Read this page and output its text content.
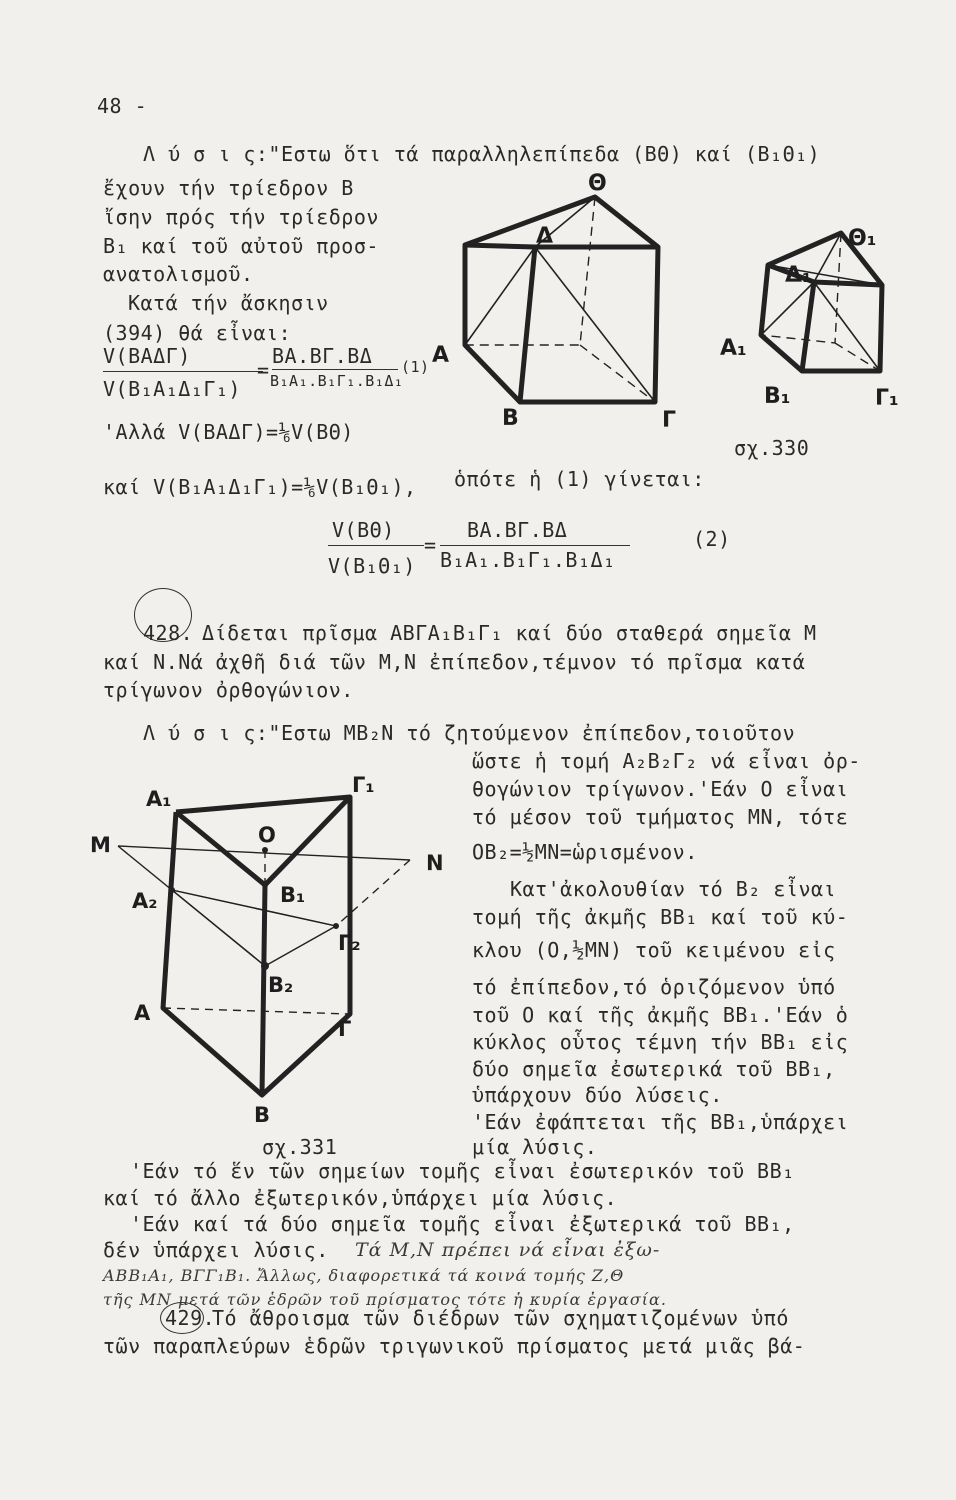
48 -
Λ ύ σ ι ς:"Εστω ὅτι τά παραλληλεπίπεδα (ΒΘ) καί (Β₁Θ₁)
ἔχουν τήν τρίεδρον Β
ἴσην πρός τήν τρίεδρον
Β₁ καί τοῦ αὐτοῦ προσ-
ανατολισμοῦ.
Κατά τήν ἄσκησιν
(394) θά εἶναι:
V(ΒΑΔΓ)
V(Β₁Α₁Δ₁Γ₁)
=
ΒΑ.ΒΓ.ΒΔ
Β₁Α₁.Β₁Γ₁.Β₁Δ₁
(1)
'Αλλά V(ΒΑΔΓ)=⅙V(ΒΘ)
καί V(Β₁Α₁Δ₁Γ₁)=⅙V(Β₁Θ₁), ὁπότε ἡ (1) γίνεται:
V(ΒΘ)
V(Β₁Θ₁)
=
ΒΑ.ΒΓ.ΒΔ
Β₁Α₁.Β₁Γ₁.Β₁Δ₁
(2)
Θ
Δ
Α
Β	Γ
Θ₁
Δ₁
Α₁
Β₁	Γ₁
σχ.330
428. Δίδεται πρῖσμα ΑΒΓΑ₁Β₁Γ₁ καί δύο σταθερά σημεῖα Μ
καί Ν.Νά ἀχθῆ διά τῶν Μ,Ν ἐπίπεδον,τέμνον τό πρῖσμα κατά
τρίγωνον ὀρθογώνιον.
Λ ύ σ ι ς:"Εστω ΜΒ₂Ν τό ζητούμενον ἐπίπεδον,τοιοῦτον
ὥστε ἡ τομή Α₂Β₂Γ₂ νά εἶναι ὀρ-
θογώνιον τρίγωνον.'Εάν Ο εἶναι
τό μέσον τοῦ τμήματος ΜΝ, τότε
ΟΒ₂=½ΜΝ=ὡρισμένον.
Κατ'ἀκολουθίαν τό Β₂ εἶναι
τομή τῆς ἀκμῆς ΒΒ₁ καί τοῦ κύ-
κλου (Ο,½ΜΝ) τοῦ κειμένου εἰς
τό ἐπίπεδον,τό ὁριζόμενον ὑπό
τοῦ Ο καί τῆς ἀκμῆς ΒΒ₁.'Εάν ὁ
κύκλος οὗτος τέμνη τήν ΒΒ₁ εἰς
δύο σημεῖα ἐσωτερικά τοῦ ΒΒ₁,
ὑπάρχουν δύο λύσεις.
'Εάν ἐφάπτεται τῆς ΒΒ₁,ὑπάρχει
μία λύσις.
Α₁
Γ₁
Μ	Ο
Ν
Α₂	Β₁
Γ₂
Β₂
Α
Γ
Β
σχ.331
'Εάν τό ἕν τῶν σημείων τομῆς εἶναι ἐσωτερικόν τοῦ ΒΒ₁
καί τό ἄλλο ἐξωτερικόν,ὑπάρχει μία λύσις.
'Εάν καί τά δύο σημεῖα τομῆς εἶναι ἐξωτερικά τοῦ ΒΒ₁,
δέν ὑπάρχει λύσις. Τά Μ,Ν πρέπει νά εἶναι ἐξω-
ΑΒΒ₁Α₁, ΒΓΓ₁Β₁. Ἄλλως, διαφορετικά τά κοινά τομής Ζ,Θ
τῆς ΜΝ μετά τῶν ἑδρῶν τοῦ πρίσματος τότε ἡ κυρία ἐργασία.
429.
Τό ἄθροισμα τῶν διέδρων τῶν σχηματιζομένων ὑπό
τῶν παραπλεύρων ἑδρῶν τριγωνικοῦ πρίσματος μετά μιᾶς βά-
